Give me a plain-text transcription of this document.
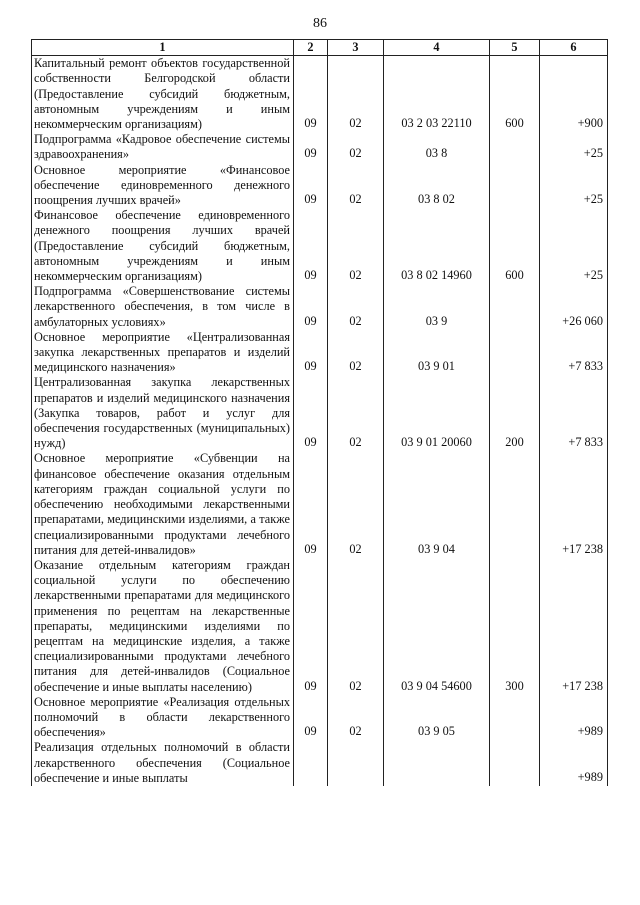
86
1	2	3	4	5	6
Капитальный ремонт объектов государственной собственности Белгородской области (Предоставление субсидий бюджетным, автономным учреждениям и иным некоммерческим организациям)	09	02	03 2 03 22110	600	+900
Подпрограмма «Кадровое обеспечение системы здравоохранения»	09	02	03 8		+25
Основное мероприятие «Финансовое обеспечение единовременного денежного поощрения лучших врачей»	09	02	03 8 02		+25
Финансовое обеспечение единовременного денежного поощрения лучших врачей (Предоставление субсидий бюджетным, автономным учреждениям и иным некоммерческим организациям)	09	02	03 8 02 14960	600	+25
Подпрограмма «Совершенствование системы лекарственного обеспечения, в том числе в амбулаторных условиях»	09	02	03 9		+26 060
Основное мероприятие «Централизованная закупка лекарственных препаратов и изделий медицинского назначения»	09	02	03 9 01		+7 833
Централизованная закупка лекарственных препаратов и изделий медицинского назначения (Закупка товаров, работ и услуг для обеспечения государственных (муниципальных) нужд)	09	02	03 9 01 20060	200	+7 833
Основное мероприятие «Субвенции на финансовое обеспечение оказания отдельным категориям граждан социальной услуги по обеспечению необходимыми лекарственными препаратами, медицинскими изделиями, а также специализированными продуктами лечебного питания для детей-инвалидов»	09	02	03 9 04		+17 238
Оказание отдельным категориям граждан социальной услуги по обеспечению лекарственными препаратами для медицинского применения по рецептам на лекарственные препараты, медицинскими изделиями по рецептам на медицинские изделия, а также специализированными продуктами лечебного питания для детей-инвалидов (Социальное обеспечение и иные выплаты населению)	09	02	03 9 04 54600	300	+17 238
Основное мероприятие «Реализация отдельных полномочий в области лекарственного обеспечения»	09	02	03 9 05		+989
Реализация отдельных полномочий в области лекарственного обеспечения (Социальное обеспечение и иные выплаты					+989
